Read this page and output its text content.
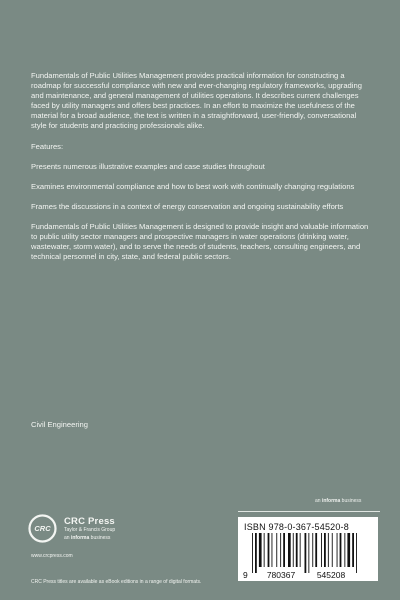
Fundamentals of Public Utilities Management provides practical information for constructing a roadmap for successful compliance with new and ever-changing regulatory frameworks, upgrading and maintenance, and general management of utilities operations. It describes current challenges faced by utility managers and offers best practices. In an effort to maximize the usefulness of the material for a broad audience, the text is written in a straightforward, user-friendly, conversational style for students and practicing professionals alike.

Features:

Presents numerous illustrative examples and case studies throughout

Examines environmental compliance and how to best work with continually changing regulations

Frames the discussions in a context of energy conservation and ongoing sustainability efforts

Fundamentals of Public Utilities Management is designed to provide insight and valuable information to public utility sector managers and prospective managers in water operations (drinking water, wastewater, storm water), and to serve the needs of students, teachers, consulting engineers, and technical personnel in city, state, and federal public sectors.

Civil Engineering
an informa business
CRC
CRC Press
Taylor & Francis Group
an informa business
www.crcpress.com
CRC Press titles are available as eBook editions in a range of digital formats.
ISBN 978-0-367-54520-8
9 780367	545208
